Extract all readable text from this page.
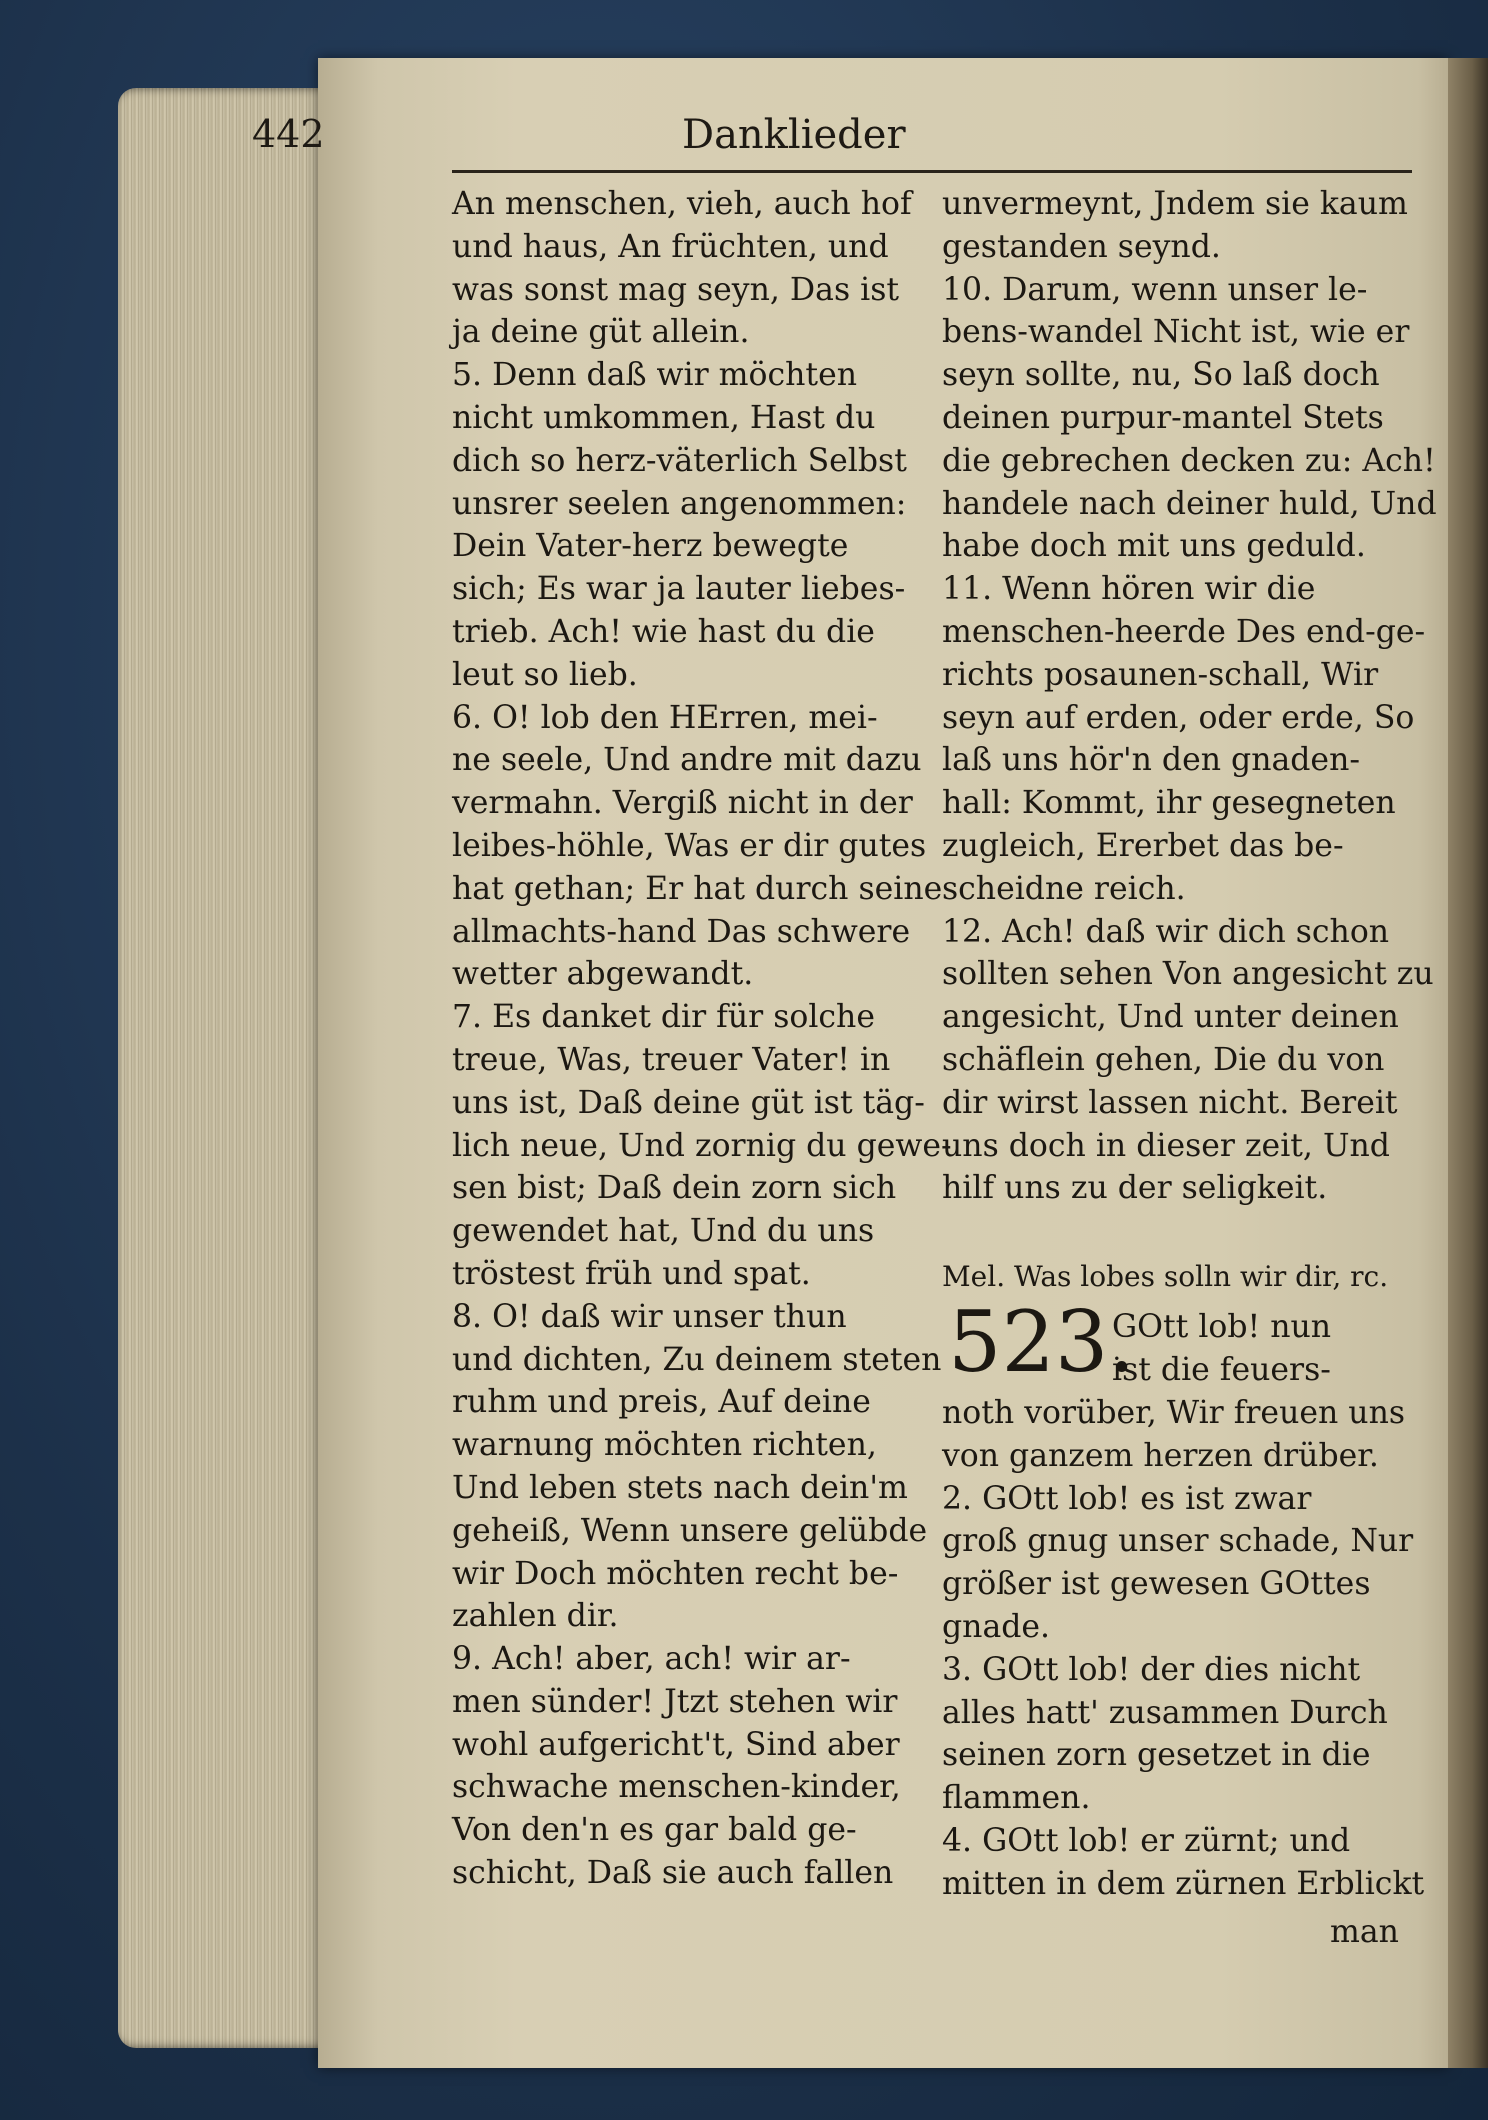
442	Danklieder
An menschen, vieh, auch hof
und haus, An früchten, und
was sonst mag seyn, Das ist
ja deine güt allein.
5. Denn daß wir möchten
nicht umkommen, Hast du
dich so herz-väterlich Selbst
unsrer seelen angenommen:
Dein Vater-herz bewegte
sich; Es war ja lauter liebes-
trieb. Ach! wie hast du die
leut so lieb.
6. O! lob den HErren, mei-
ne seele, Und andre mit dazu
vermahn. Vergiß nicht in der
leibes-höhle, Was er dir gutes
hat gethan; Er hat durch seine
allmachts-hand Das schwere
wetter abgewandt.
7. Es danket dir für solche
treue, Was, treuer Vater! in
uns ist, Daß deine güt ist täg-
lich neue, Und zornig du gewe-
sen bist; Daß dein zorn sich
gewendet hat, Und du uns
tröstest früh und spat.
8. O! daß wir unser thun
und dichten, Zu deinem steten
ruhm und preis, Auf deine
warnung möchten richten,
Und leben stets nach dein'm
geheiß, Wenn unsere gelübde
wir Doch möchten recht be-
zahlen dir.
9. Ach! aber, ach! wir ar-
men sünder! Jtzt stehen wir
wohl aufgericht't, Sind aber
schwache menschen-kinder,
Von den'n es gar bald ge-
schicht, Daß sie auch fallen
unvermeynt, Jndem sie kaum
gestanden seynd.
10. Darum, wenn unser le-
bens-wandel Nicht ist, wie er
seyn sollte, nu, So laß doch
deinen purpur-mantel Stets
die gebrechen decken zu: Ach!
handele nach deiner huld, Und
habe doch mit uns geduld.
11. Wenn hören wir die
menschen-heerde Des end-ge-
richts posaunen-schall, Wir
seyn auf erden, oder erde, So
laß uns hör'n den gnaden-
hall: Kommt, ihr gesegneten
zugleich, Ererbet das be-
scheidne reich.
12. Ach! daß wir dich schon
sollten sehen Von angesicht zu
angesicht, Und unter deinen
schäflein gehen, Die du von
dir wirst lassen nicht. Bereit
uns doch in dieser zeit, Und
hilf uns zu der seligkeit.
Mel. Was lobes solln wir dir, rc.
523.
GOtt lob! nun
ist die feuers-
noth vorüber, Wir freuen uns
von ganzem herzen drüber.
2. GOtt lob! es ist zwar
groß gnug unser schade, Nur
größer ist gewesen GOttes
gnade.
3. GOtt lob! der dies nicht
alles hatt' zusammen Durch
seinen zorn gesetzet in die
flammen.
4. GOtt lob! er zürnt; und
mitten in dem zürnen Erblickt
man
